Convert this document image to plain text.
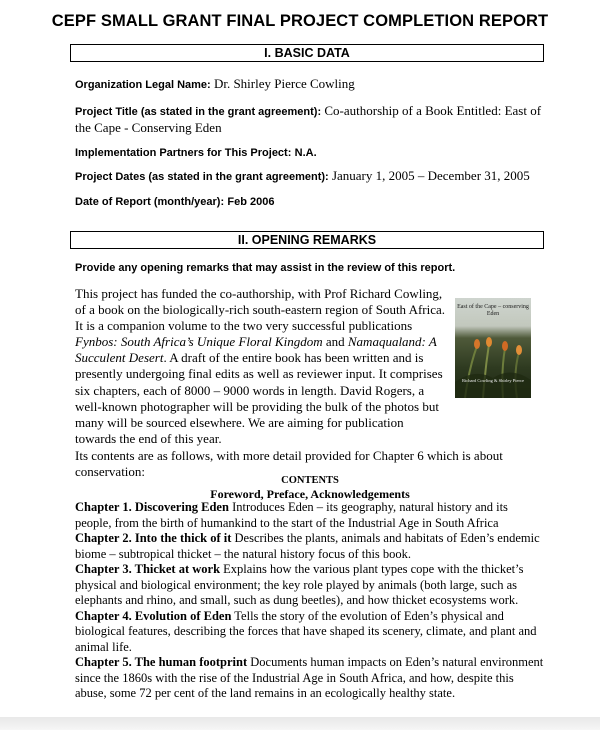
CEPF SMALL GRANT FINAL PROJECT COMPLETION REPORT
I. BASIC DATA
Organization Legal Name: Dr. Shirley Pierce Cowling
Project Title (as stated in the grant agreement): Co-authorship of a Book Entitled: East of the Cape - Conserving Eden
Implementation Partners for This Project: N.A.
Project Dates (as stated in the grant agreement): January 1, 2005 – December 31, 2005
Date of Report (month/year): Feb 2006
II. OPENING REMARKS
Provide any opening remarks that may assist in the review of this report.
This project has funded the co-authorship, with Prof Richard Cowling, of a book on the biologically-rich south-eastern region of South Africa. It is a companion volume to the two very successful publications Fynbos: South Africa’s Unique Floral Kingdom and Namaqualand: A Succulent Desert. A draft of the entire book has been written and is presently undergoing final edits as well as reviewer input. It comprises six chapters, each of 8000 – 9000 words in length. David Rogers, a well-known photographer will be providing the bulk of the photos but many will be sourced elsewhere. We are aiming for publication towards the end of this year.
East of the Cape – conserving Eden
Richard Cowling & Shirley Pierce
Its contents are as follows, with more detail provided for Chapter 6 which is about conservation:
CONTENTS
Foreword, Preface, Acknowledgements

Chapter 1. Discovering Eden Introduces Eden – its geography, natural history and its people, from the birth of humankind to the start of the Industrial Age in South Africa

Chapter 2. Into the thick of it Describes the plants, animals and habitats of Eden’s endemic biome – subtropical thicket – the natural history focus of this book.

Chapter 3. Thicket at work Explains how the various plant types cope with the thicket’s physical and biological environment; the key role played by animals (both large, such as elephants and rhino, and small, such as dung beetles), and how thicket ecosystems work.

Chapter 4. Evolution of Eden Tells the story of the evolution of Eden’s physical and biological features, describing the forces that have shaped its scenery, climate, and plant and animal life.

Chapter 5. The human footprint Documents human impacts on Eden’s natural environment since the 1860s with the rise of the Industrial Age in South Africa, and how, despite this abuse, some 72 per cent of the land remains in an ecologically healthy state.
